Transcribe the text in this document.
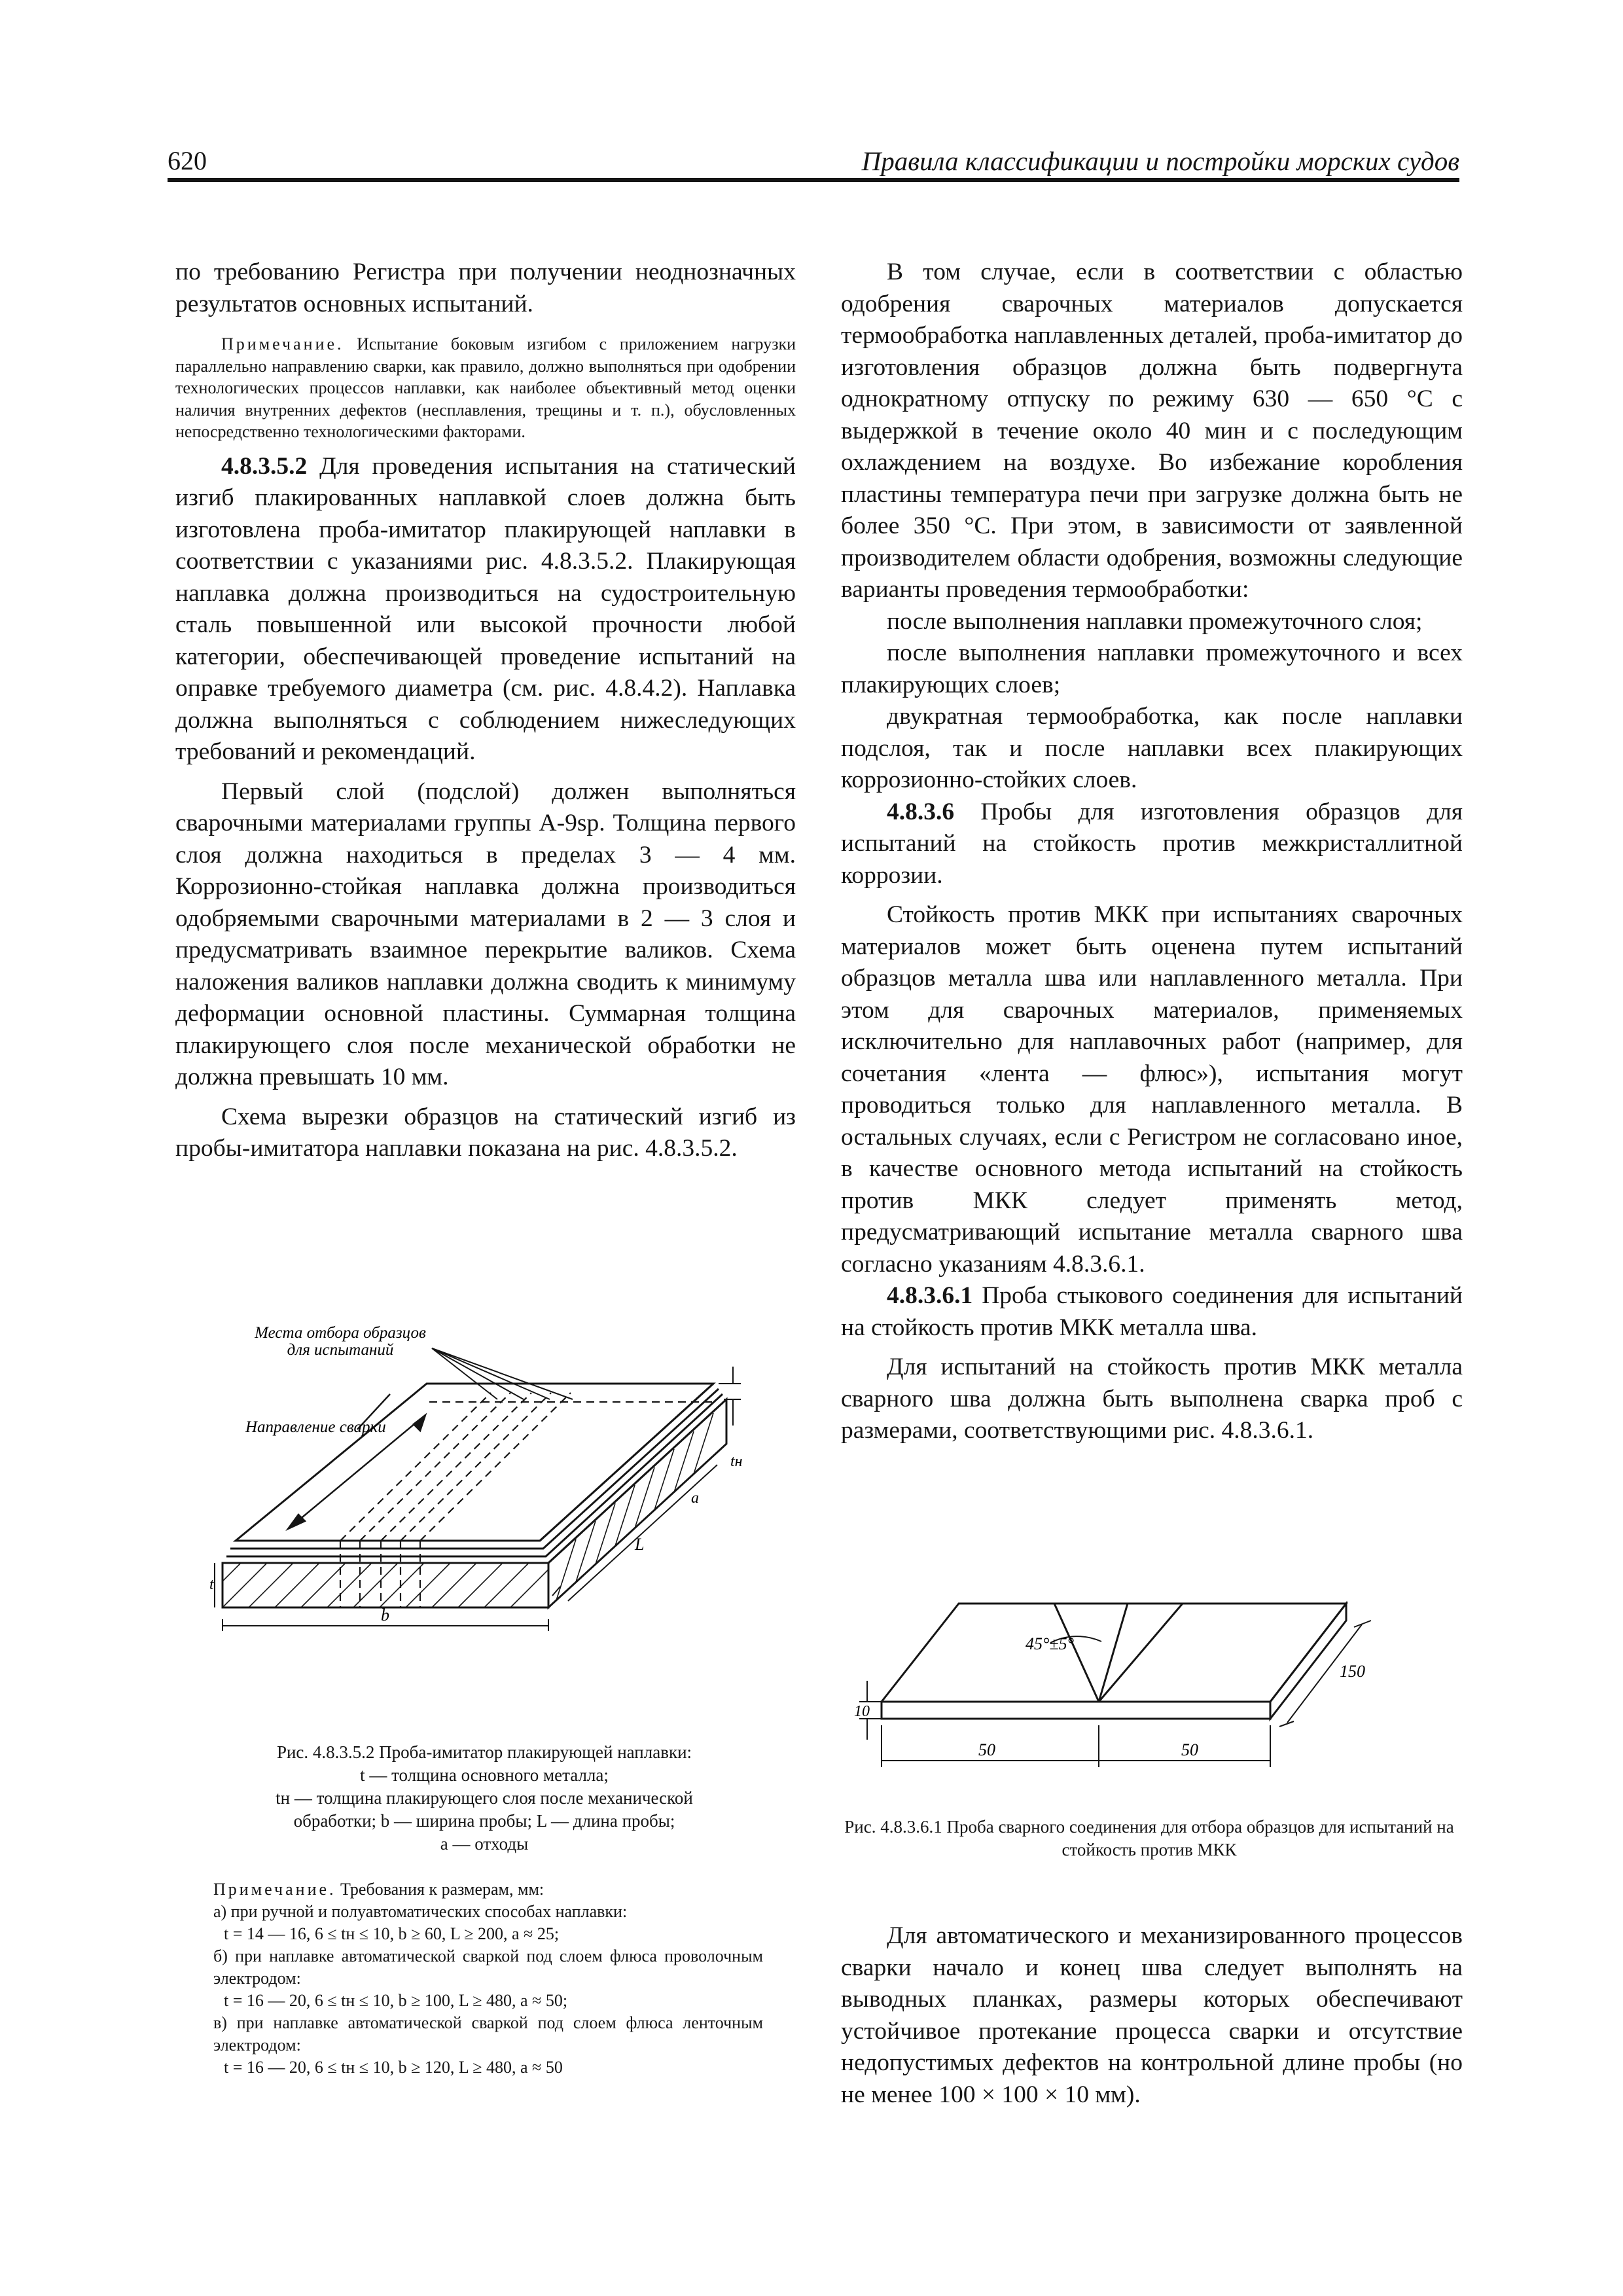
620	Правила классификации и постройки морских судов

по требованию Регистра при получении неоднозначных результатов основных испытаний.

Примечание. Испытание боковым изгибом с приложением нагрузки параллельно направлению сварки, как правило, должно выполняться при одобрении технологических процессов наплавки, как наиболее объективный метод оценки наличия внутренних дефектов (несплавления, трещины и т. п.), обусловленных непосредственно технологическими факторами.

4.8.3.5.2 Для проведения испытания на статический изгиб плакированных наплавкой слоев должна быть изготовлена проба-имитатор плакирующей наплавки в соответствии с указаниями рис. 4.8.3.5.2. Плакирующая наплавка должна производиться на судостроительную сталь повышенной или высокой прочности любой категории, обеспечивающей проведение испытаний на оправке требуемого диаметра (см. рис. 4.8.4.2). Наплавка должна выполняться с соблюдением нижеследующих требований и рекомендаций.

Первый слой (подслой) должен выполняться сварочными материалами группы А-9sp. Толщина первого слоя должна находиться в пределах 3 — 4 мм. Коррозионно-стойкая наплавка должна производиться одобряемыми сварочными материалами в 2 — 3 слоя и предусматривать взаимное перекрытие валиков. Схема наложения валиков наплавки должна сводить к минимуму деформации основной пластины. Суммарная толщина плакирующего слоя после механической обработки не должна превышать 10 мм.

Схема вырезки образцов на статический изгиб из пробы-имитатора наплавки показана на рис. 4.8.3.5.2.

Места отбора образцов
для испытаний
Направление сварки
tн
t
a
L
b
Рис. 4.8.3.5.2 Проба-имитатор плакирующей наплавки:
t — толщина основного металла;
tн — толщина плакирующего слоя после механической
обработки; b — ширина пробы; L — длина пробы;
a — отходы
Примечание. Требования к размерам, мм:
а) при ручной и полуавтоматических способах наплавки:
t = 14 — 16, 6 ≤ tн ≤ 10, b ≥ 60, L ≥ 200, a ≈ 25;
б) при наплавке автоматической сваркой под слоем флюса проволочным электродом:
t = 16 — 20, 6 ≤ tн ≤ 10, b ≥ 100, L ≥ 480, a ≈ 50;
в) при наплавке автоматической сваркой под слоем флюса ленточным электродом:
t = 16 — 20, 6 ≤ tн ≤ 10, b ≥ 120, L ≥ 480, a ≈ 50

В том случае, если в соответствии с областью одобрения сварочных материалов допускается термообработка наплавленных деталей, проба-имитатор до изготовления образцов должна быть подвергнута однократному отпуску по режиму 630 — 650 °С с выдержкой в течение около 40 мин и с последующим охлаждением на воздухе. Во избежание коробления пластины температура печи при загрузке должна быть не более 350 °С. При этом, в зависимости от заявленной производителем области одобрения, возможны следующие варианты проведения термообработки:

после выполнения наплавки промежуточного слоя;

после выполнения наплавки промежуточного и всех плакирующих слоев;

двукратная термообработка, как после наплавки подслоя, так и после наплавки всех плакирующих коррозионно-стойких слоев.

4.8.3.6 Пробы для изготовления образцов для испытаний на стойкость против межкристаллитной коррозии.

Стойкость против МКК при испытаниях сварочных материалов может быть оценена путем испытаний образцов металла шва или наплавленного металла. При этом для сварочных материалов, применяемых исключительно для наплавочных работ (например, для сочетания «лента — флюс»), испытания могут проводиться только для наплавленного металла. В остальных случаях, если с Регистром не согласовано иное, в качестве основного метода испытаний на стойкость против МКК следует применять метод, предусматривающий испытание металла сварного шва согласно указаниям 4.8.3.6.1.

4.8.3.6.1 Проба стыкового соединения для испытаний на стойкость против МКК металла шва.

Для испытаний на стойкость против МКК металла сварного шва должна быть выполнена сварка проб с размерами, соответствующими рис. 4.8.3.6.1.

45°±5°
150
10
50	50
Рис. 4.8.3.6.1 Проба сварного соединения для отбора образцов для испытаний на стойкость против МКК

Для автоматического и механизированного процессов сварки начало и конец шва следует выполнять на выводных планках, размеры которых обеспечивают устойчивое протекание процесса сварки и отсутствие недопустимых дефектов на контрольной длине пробы (но не менее 100 × 100 × 10 мм).
